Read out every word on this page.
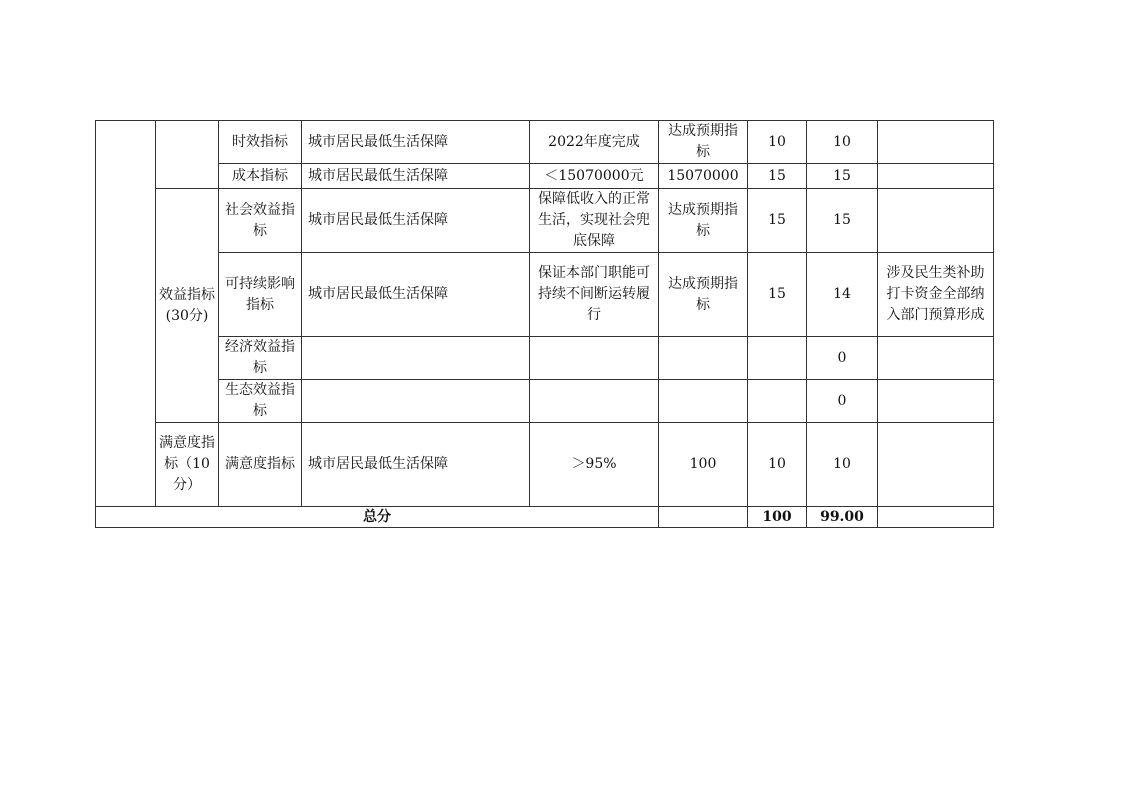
		时效指标	城市居民最低生活保障	2022年度完成	达成预期指标	10	10	
		成本指标	城市居民最低生活保障	＜15070000元	15070000	15	15	
	效益指标(30分)	社会效益指标	城市居民最低生活保障	保障低收入的正常生活，实现社会兜底保障	达成预期指标	15	15	
		可持续影响指标	城市居民最低生活保障	保证本部门职能可持续不间断运转履行	达成预期指标	15	14	涉及民生类补助打卡资金全部纳入部门预算形成
		经济效益指标					0	
		生态效益指标					0	
	满意度指标（10分）	满意度指标	城市居民最低生活保障	＞95%	100	10	10	
总分						100	99.00	
